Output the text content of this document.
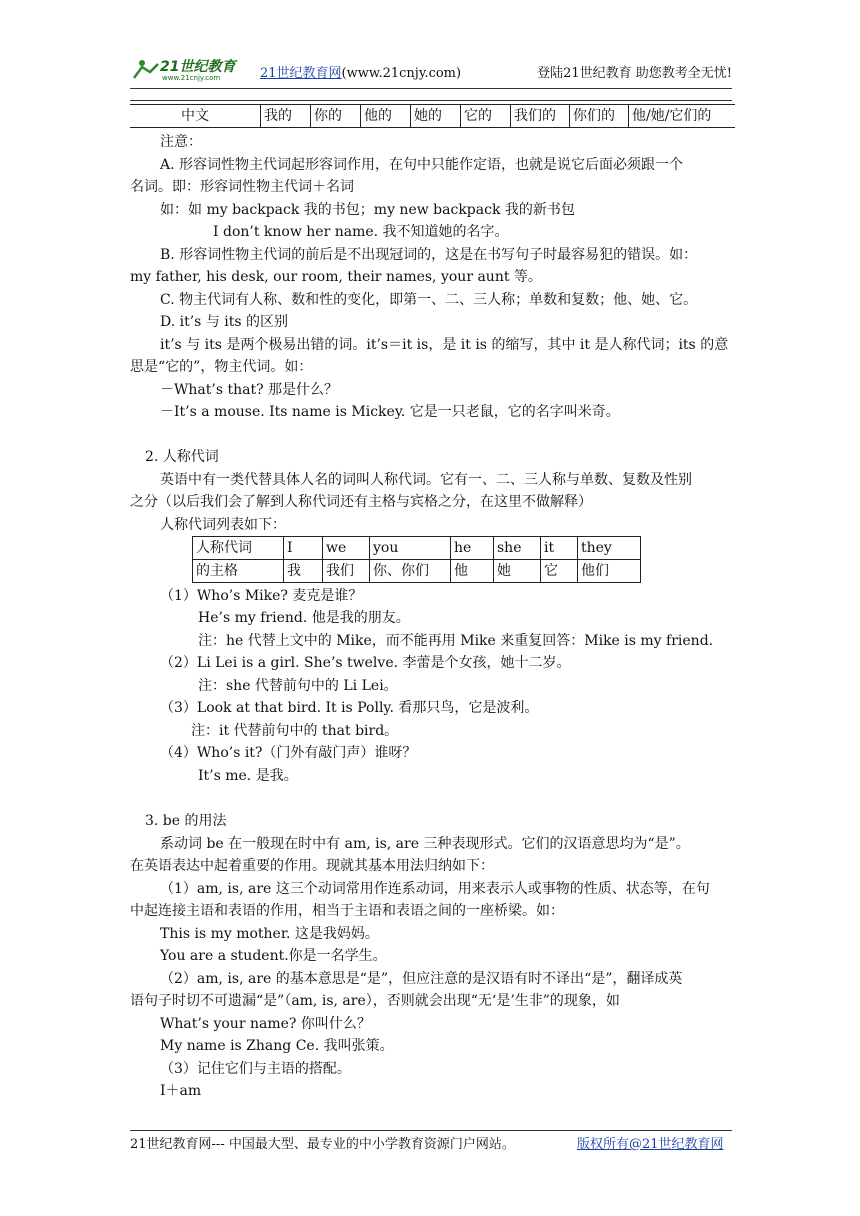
21世纪教育
www.21cnjy.com	21世纪教育网(www.21cnjy.com)	登陆21世纪教育 助您教考全无忧!
中文	我的	你的	他的	她的	它的	我们的	你们的	他/她/它们的
注意：
A. 形容词性物主代词起形容词作用，在句中只能作定语，也就是说它后面必须跟一个
名词。即：形容词性物主代词＋名词
如：如 my backpack 我的书包；my new backpack 我的新书包
I don’t know her name. 我不知道她的名字。
B. 形容词性物主代词的前后是不出现冠词的，这是在书写句子时最容易犯的错误。如：
my father, his desk, our room, their names, your aunt 等。
C. 物主代词有人称、数和性的变化，即第一、二、三人称；单数和复数；他、她、它。
D. it’s 与 its 的区别
it’s 与 its 是两个极易出错的词。it’s＝it is，是 it is 的缩写，其中 it 是人称代词；its 的意
思是“它的”，物主代词。如：
－What’s that? 那是什么？
－It’s a mouse. Its name is Mickey. 它是一只老鼠，它的名字叫米奇。
2. 人称代词
英语中有一类代替具体人名的词叫人称代词。它有一、二、三人称与单数、复数及性别
之分（以后我们会了解到人称代词还有主格与宾格之分，在这里不做解释）
人称代词列表如下：
人称代词	I	we	you	he	she	it	they
的主格	我	我们	你、你们	他	她	它	他们
（1）Who’s Mike? 麦克是谁？
He’s my friend. 他是我的朋友。
注：he 代替上文中的 Mike，而不能再用 Mike 来重复回答：Mike is my friend.
（2）Li Lei is a girl. She’s twelve. 李蕾是个女孩，她十二岁。
注：she 代替前句中的 Li Lei。
（3）Look at that bird. It is Polly. 看那只鸟，它是波利。
注：it 代替前句中的 that bird。
（4）Who’s it?（门外有敲门声）谁呀？
It’s me. 是我。
3. be 的用法
系动词 be 在一般现在时中有 am, is, are 三种表现形式。它们的汉语意思均为“是”。
在英语表达中起着重要的作用。现就其基本用法归纳如下：
（1）am, is, are 这三个动词常用作连系动词，用来表示人或事物的性质、状态等，在句
中起连接主语和表语的作用，相当于主语和表语之间的一座桥梁。如：
This is my mother. 这是我妈妈。
You are a student.你是一名学生。
（2）am, is, are 的基本意思是“是”，但应注意的是汉语有时不译出“是”，翻译成英
语句子时切不可遗漏“是”（am, is, are），否则就会出现“无‘是’生非”的现象，如
What’s your name? 你叫什么？
My name is Zhang Ce. 我叫张策。
（3）记住它们与主语的搭配。
I＋am
21世纪教育网--- 中国最大型、最专业的中小学教育资源门户网站。	版权所有@21世纪教育网
